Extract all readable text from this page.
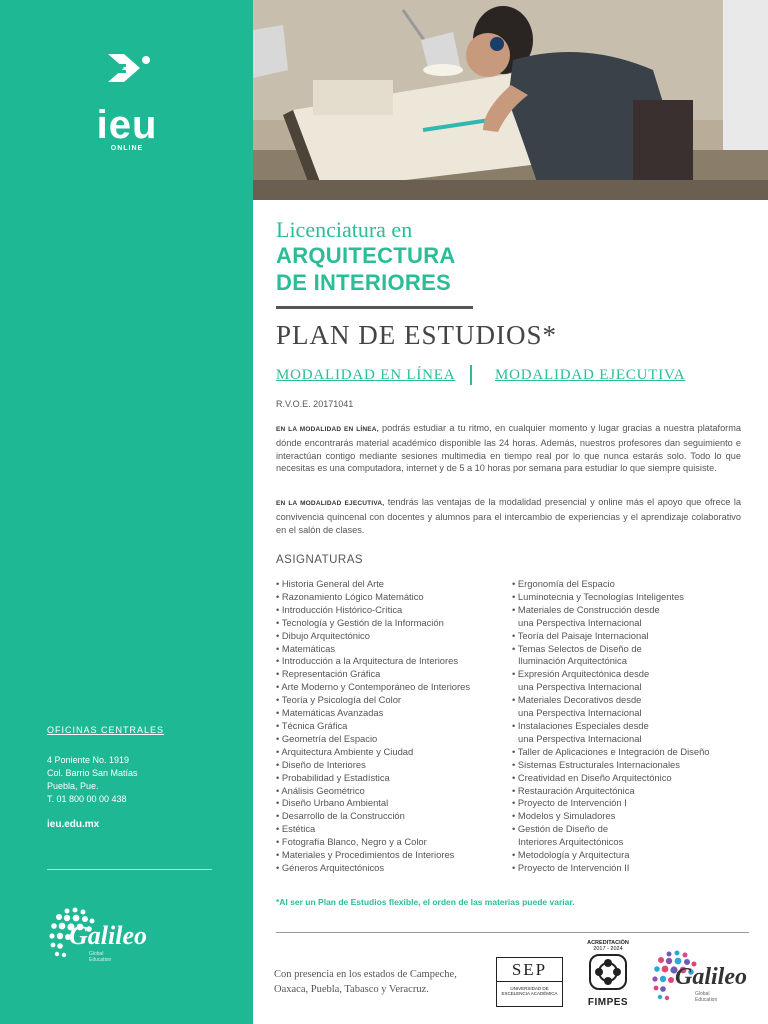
ieu
ONLINE
OFICINAS CENTRALES
4 Poniente No. 1919
Col. Barrio San Matías
Puebla, Pue.
T. 01 800 00 00 438
ieu.edu.mx
Galileo
Global Education
Licenciatura en
ARQUITECTURA
DE INTERIORES
PLAN DE ESTUDIOS*
MODALIDAD EN LÍNEA	MODALIDAD EJECUTIVA
R.V.O.E. 20171041

EN LA MODALIDAD EN LÍNEA, podrás estudiar a tu ritmo, en cualquier momento y lugar gracias a nuestra plataforma dónde encontrarás material académico disponible las 24 horas. Además, nuestros profesores dan seguimiento e interactúan contigo mediante sesiones multimedia en tiempo real por lo que nunca estarás solo. Todo lo que necesitas es una computadora, internet y de 5 a 10 horas por semana para estudiar lo que siempre quisiste.

EN LA MODALIDAD EJECUTIVA, tendrás las ventajas de la modalidad presencial y online más el apoyo que ofrece la convivencia quincenal con docentes y alumnos para el intercambio de experiencias y el aprendizaje colaborativo en el salón de clases.

ASIGNATURAS
• Historia General del Arte
• Razonamiento Lógico Matemático
• Introducción Histórico-Crítica
• Tecnología y Gestión de la Información
• Dibujo Arquitectónico
• Matemáticas
• Introducción a la Arquitectura de Interiores
• Representación Gráfica
• Arte Moderno y Contemporáneo de Interiores
• Teoría y Psicología del Color
• Matemáticas Avanzadas
• Técnica Gráfica
• Geometría del Espacio
• Arquitectura Ambiente y Ciudad
• Diseño de Interiores
• Probabilidad y Estadística
• Análisis Geométrico
• Diseño Urbano Ambiental
• Desarrollo de la Construcción
• Estética
• Fotografía Blanco, Negro y a Color
• Materiales y Procedimientos de Interiores
• Géneros Arquitectónicos
• Ergonomía del Espacio
• Luminotecnia y Tecnologías Inteligentes
• Materiales de Construcción desde
una Perspectiva Internacional
• Teoría del Paisaje Internacional
• Temas Selectos de Diseño de
Iluminación Arquitectónica
• Expresión Arquitectónica desde
una Perspectiva Internacional
• Materiales Decorativos desde
una Perspectiva Internacional
• Instalaciones Especiales desde
una Perspectiva Internacional
• Taller de Aplicaciones e Integración de Diseño
• Sistemas Estructurales Internacionales
• Creatividad en Diseño Arquitectónico
• Restauración Arquitectónica
• Proyecto de Intervención I
• Modelos y Simuladores
• Gestión de Diseño de
Interiores Arquitectónicos
• Metodología y Arquitectura
• Proyecto de Intervención II
*Al ser un Plan de Estudios flexible, el orden de las materias puede variar.
Con presencia en los estados de Campeche,
Oaxaca, Puebla, Tabasco y Veracruz.
SEP
UNIVERSIDAD DE
EXCELENCIA ACADÉMICA
ACREDITACIÓN
2017 - 2024
FIMPES
Galileo
Global Education
